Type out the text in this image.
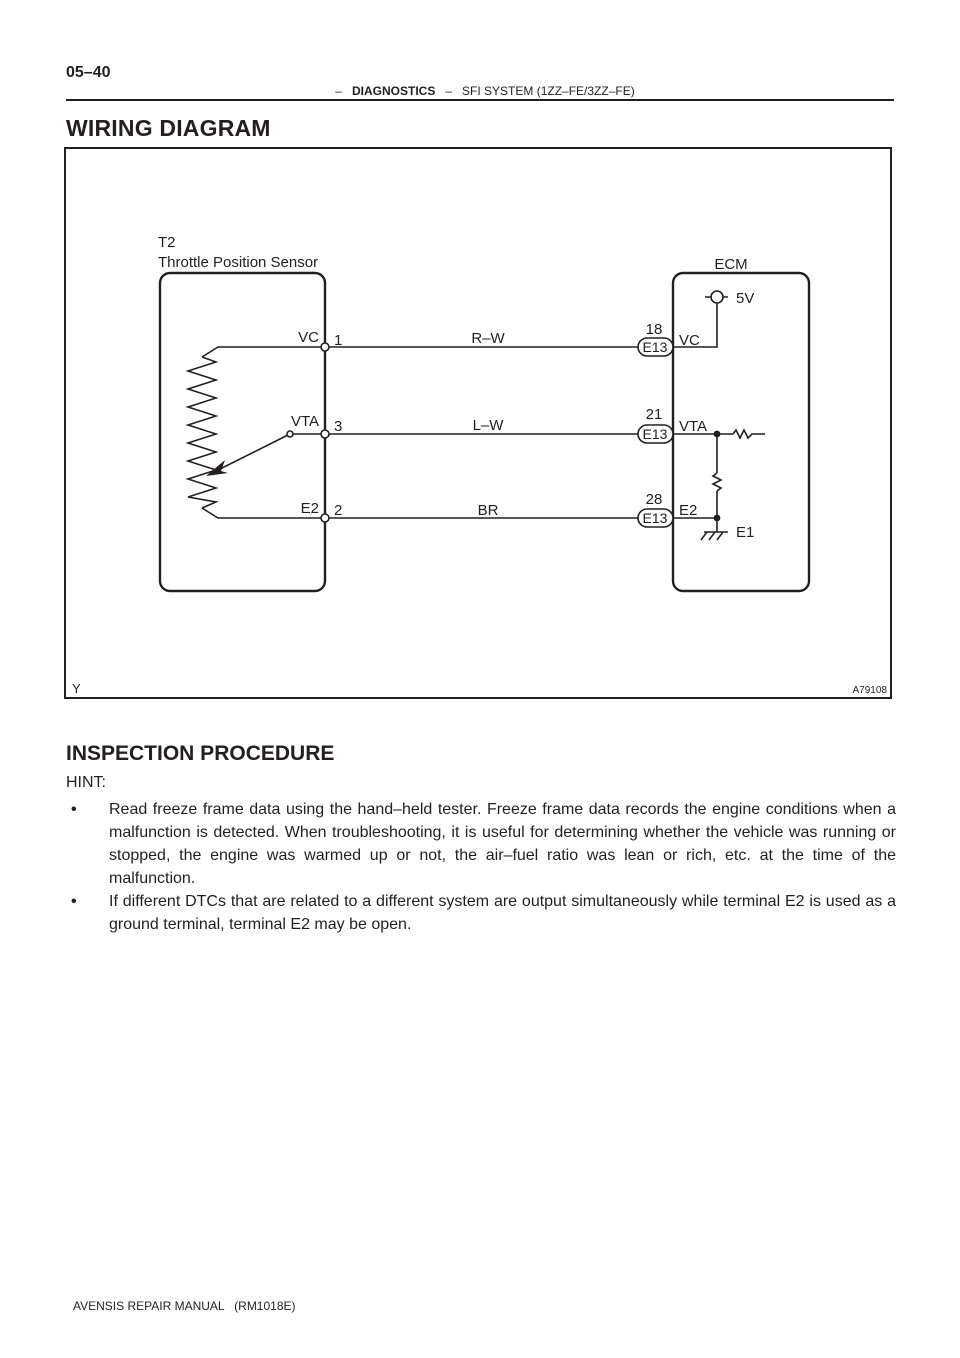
05–40
– DIAGNOSTICS – SFI SYSTEM (1ZZ–FE/3ZZ–FE)
WIRING DIAGRAM
T2
Throttle Position Sensor
VC
VTA
E2
1
3
2
R–W
L–W
BR
ECM
5V
18
E13 VC
21
E13 VTA
28
E13 E2
E1
Y	A79108
INSPECTION PROCEDURE
HINT:
• Read freeze frame data using the hand–held tester. Freeze frame data records the engine conditions when a malfunction is detected. When troubleshooting, it is useful for determining whether the vehicle was running or stopped, the engine was warmed up or not, the air–fuel ratio was lean or rich, etc. at the time of the malfunction.
• If different DTCs that are related to a different system are output simultaneously while terminal E2 is used as a ground terminal, terminal E2 may be open.
AVENSIS REPAIR MANUAL   (RM1018E)
